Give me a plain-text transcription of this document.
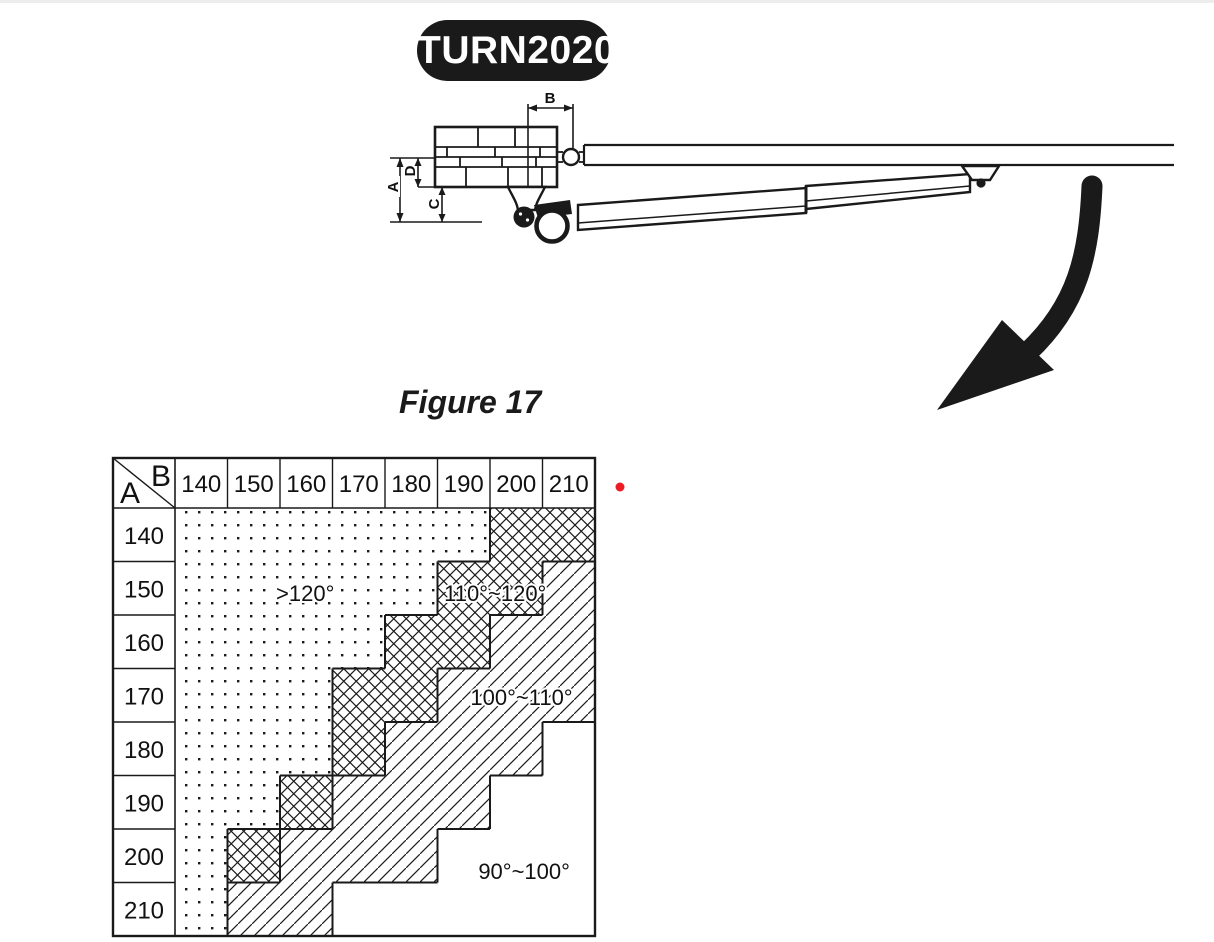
TURN2020
Figure 17
A
D
C
B
B
A 140 150 160 170 180 190 200 210
140
150
160
170
180
190
200
210
>120°	110°~120°
100°~110°
90°~100°
